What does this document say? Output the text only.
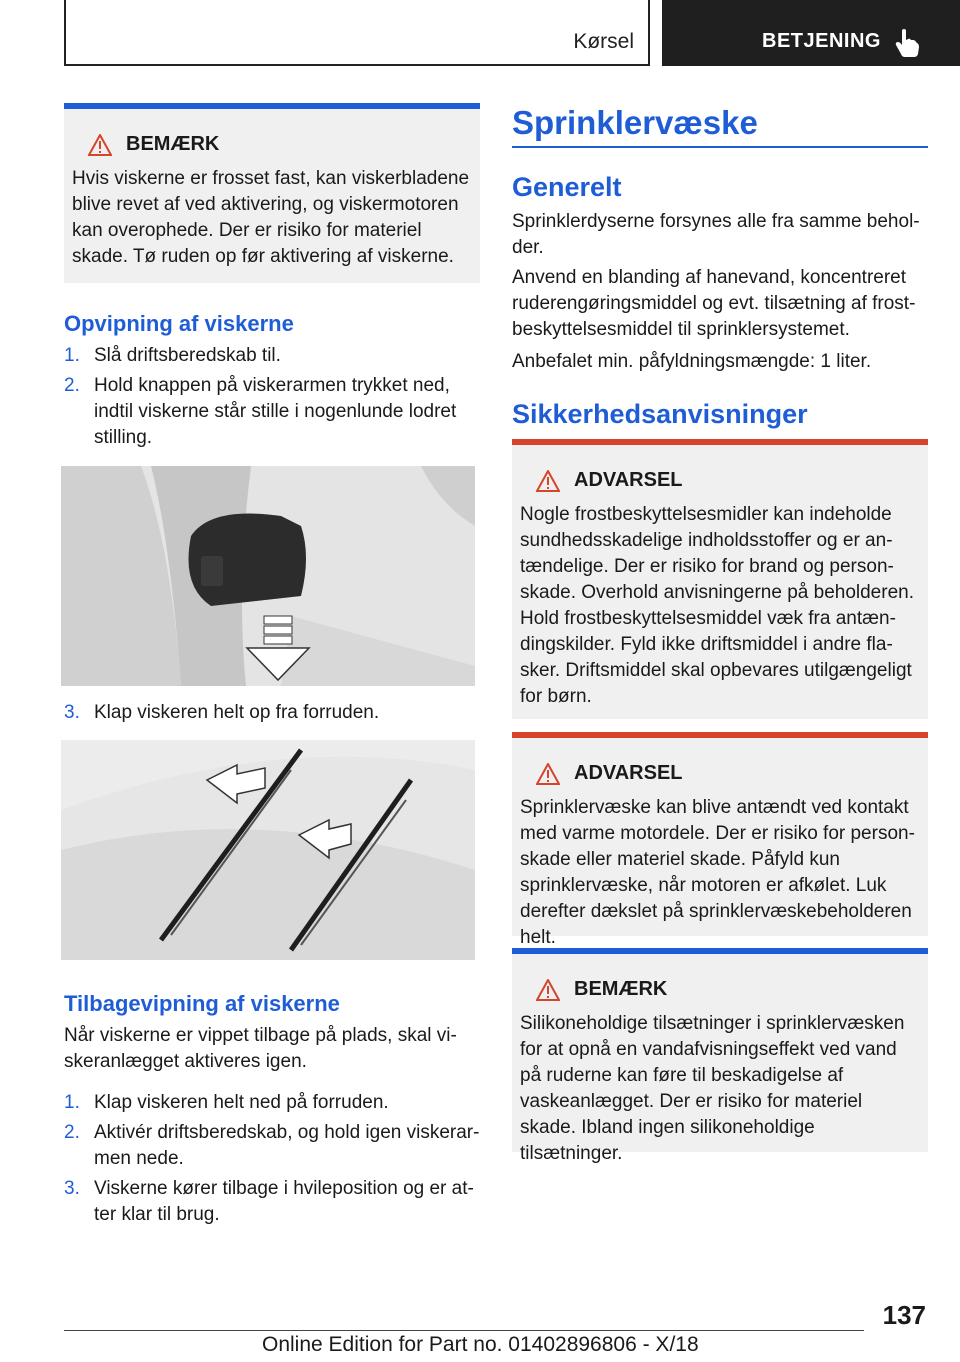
Kørsel	BETJENING
BEMÆRK
Hvis viskerne er frosset fast, kan viskerbladene blive revet af ved aktivering, og viskermotoren kan overophede. Der er risiko for materiel skade. Tø ruden op før aktivering af viskerne.
Opvipning af viskerne
1. Slå driftsberedskab til.
2. Hold knappen på viskerarmen trykket ned, indtil viskerne står stille i nogenlunde lodret stilling.
3. Klap viskeren helt op fra forruden.
Tilbagevipning af viskerne
Når viskerne er vippet tilbage på plads, skal viskeranlægget aktiveres igen.
1. Klap viskeren helt ned på forruden.
2. Aktivér driftsberedskab, og hold igen viskerarmen nede.
3. Viskerne kører tilbage i hvileposition og er atter klar til brug.
Sprinklervæske
Generelt
Sprinklerdyserne forsynes alle fra samme beholder.
Anvend en blanding af hanevand, koncentreret ruderengøringsmiddel og evt. tilsætning af frostbeskyttelsesmiddel til sprinklersystemet.
Anbefalet min. påfyldningsmængde: 1 liter.
Sikkerhedsanvisninger
ADVARSEL
Nogle frostbeskyttelsesmidler kan indeholde sundhedsskadelige indholdsstoffer og er antændelige. Der er risiko for brand og personskade. Overhold anvisningerne på beholderen. Hold frostbeskyttelsesmiddel væk fra antændingskilder. Fyld ikke driftsmiddel i andre flasker. Driftsmiddel skal opbevares utilgængeligt for børn.
ADVARSEL
Sprinklervæske kan blive antændt ved kontakt med varme motordele. Der er risiko for personskade eller materiel skade. Påfyld kun sprinklervæske, når motoren er afkølet. Luk derefter dækslet på sprinklervæskebeholderen helt.
BEMÆRK
Silikoneholdige tilsætninger i sprinklervæsken for at opnå en vandafvisningseffekt ved vand på ruderne kan føre til beskadigelse af vaskeanlægget. Der er risiko for materiel skade. Ibland ingen silikoneholdige tilsætninger.
137
Online Edition for Part no. 01402896806 - X/18
